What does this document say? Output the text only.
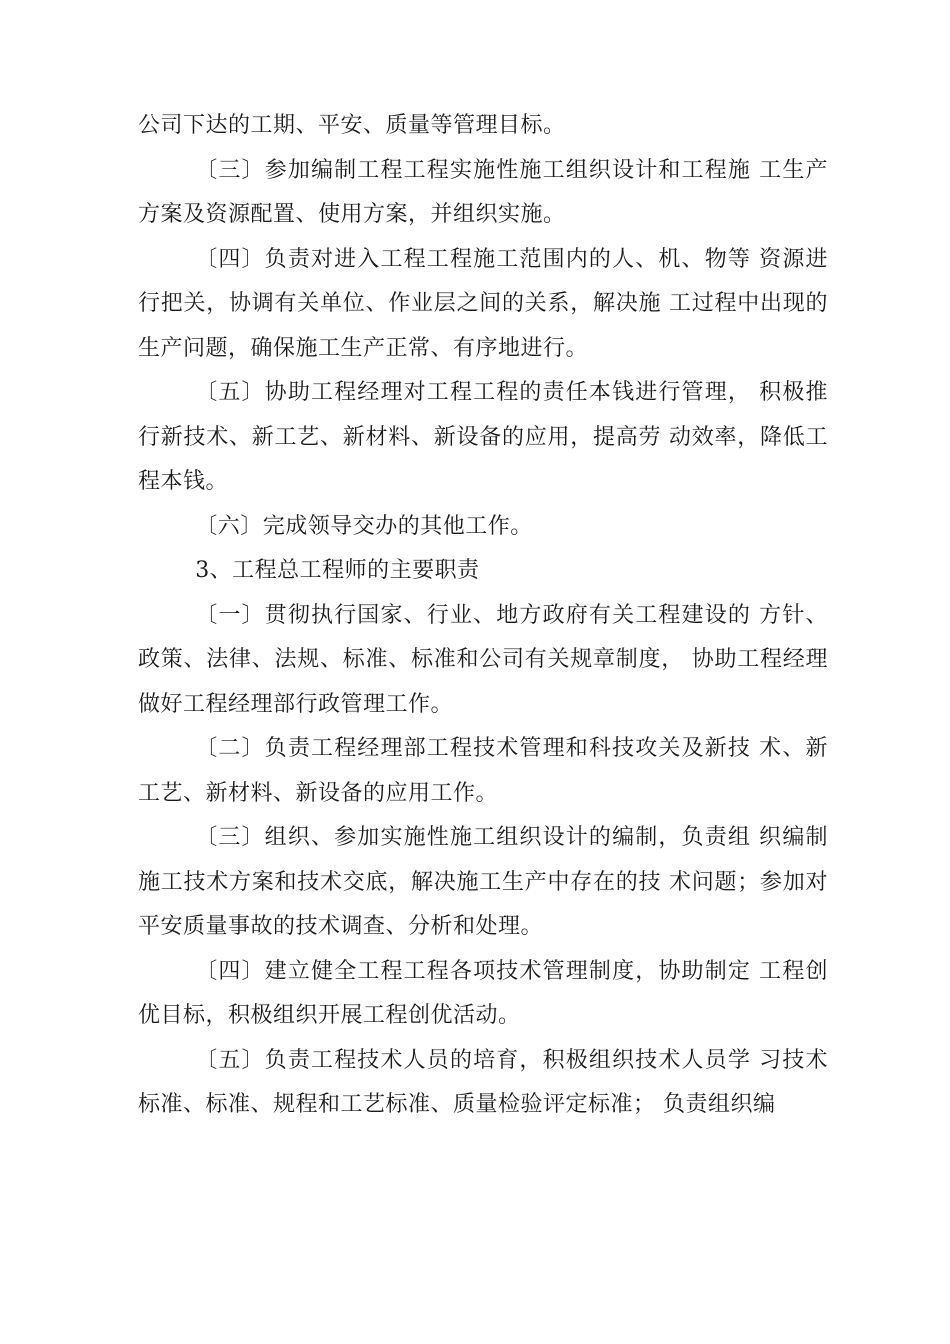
公司下达的工期、平安、质量等管理目标。

〔三〕参加编制工程工程实施性施工组织设计和工程施 工生产方案及资源配置、使用方案，并组织实施。

〔四〕负责对进入工程工程施工范围内的人、机、物等 资源进行把关，协调有关单位、作业层之间的关系，解决施 工过程中出现的生产问题，确保施工生产正常、有序地进行。

〔五〕协助工程经理对工程工程的责任本钱进行管理， 积极推行新技术、新工艺、新材料、新设备的应用，提高劳 动效率，降低工程本钱。

〔六〕完成领导交办的其他工作。

3、工程总工程师的主要职责

〔一〕贯彻执行国家、行业、地方政府有关工程建设的 方针、政策、法律、法规、标准、标准和公司有关规章制度， 协助工程经理做好工程经理部行政管理工作。

〔二〕负责工程经理部工程技术管理和科技攻关及新技 术、新工艺、新材料、新设备的应用工作。

〔三〕组织、参加实施性施工组织设计的编制，负责组 织编制施工技术方案和技术交底，解决施工生产中存在的技 术问题；参加对平安质量事故的技术调查、分析和处理。

〔四〕建立健全工程工程各项技术管理制度，协助制定 工程创优目标，积极组织开展工程创优活动。

〔五〕负责工程技术人员的培育，积极组织技术人员学 习技术标准、标准、规程和工艺标准、质量检验评定标准； 负责组织编
